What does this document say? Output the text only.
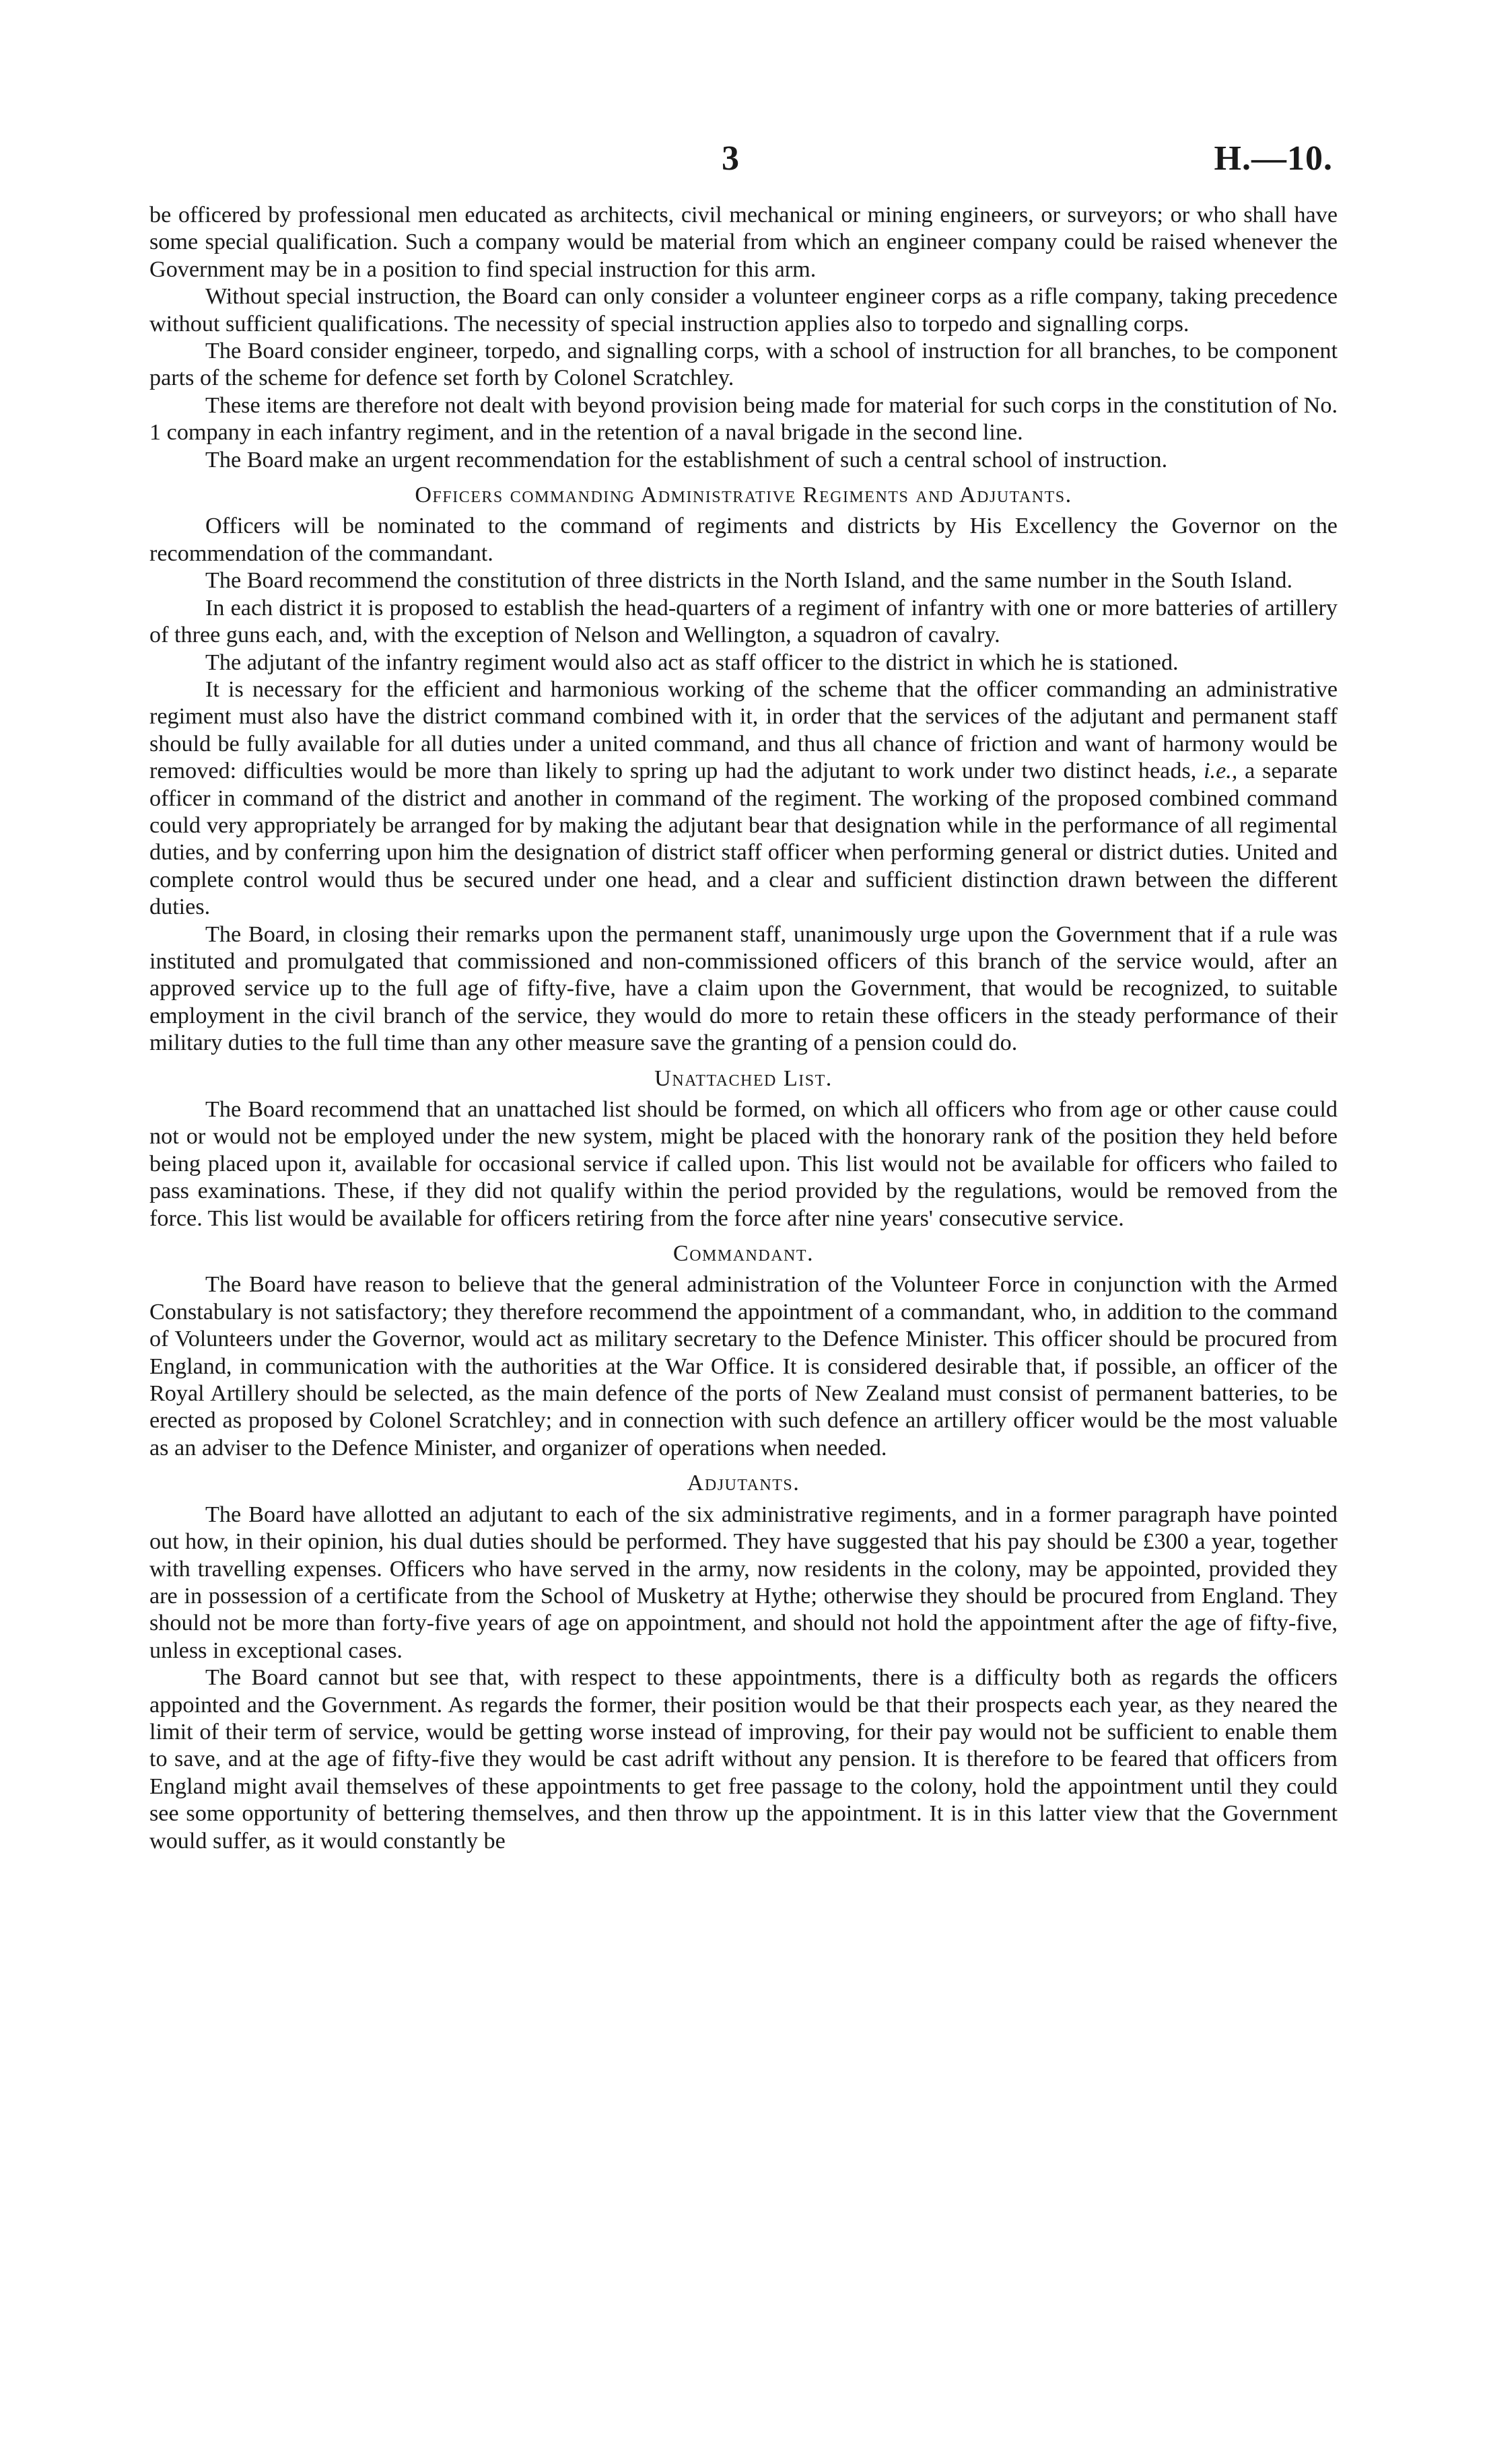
3	H.—10.

be officered by professional men educated as architects, civil mechanical or mining engineers, or surveyors; or who shall have some special qualification. Such a company would be material from which an engineer company could be raised whenever the Government may be in a position to find special instruction for this arm.

Without special instruction, the Board can only consider a volunteer engineer corps as a rifle company, taking precedence without sufficient qualifications. The necessity of special instruction applies also to torpedo and signalling corps.

The Board consider engineer, torpedo, and signalling corps, with a school of instruction for all branches, to be component parts of the scheme for defence set forth by Colonel Scratchley.

These items are therefore not dealt with beyond provision being made for material for such corps in the constitution of No. 1 company in each infantry regiment, and in the retention of a naval brigade in the second line.

The Board make an urgent recommendation for the establishment of such a central school of instruction.

Officers commanding Administrative Regiments and Adjutants.

Officers will be nominated to the command of regiments and districts by His Excellency the Governor on the recommendation of the commandant.

The Board recommend the constitution of three districts in the North Island, and the same number in the South Island.

In each district it is proposed to establish the head-quarters of a regiment of infantry with one or more batteries of artillery of three guns each, and, with the exception of Nelson and Wellington, a squadron of cavalry.

The adjutant of the infantry regiment would also act as staff officer to the district in which he is stationed.

It is necessary for the efficient and harmonious working of the scheme that the officer commanding an administrative regiment must also have the district command combined with it, in order that the services of the adjutant and permanent staff should be fully available for all duties under a united command, and thus all chance of friction and want of harmony would be removed: difficulties would be more than likely to spring up had the adjutant to work under two distinct heads, i.e., a separate officer in command of the district and another in command of the regiment. The working of the proposed combined command could very appropriately be arranged for by making the adjutant bear that designation while in the performance of all regimental duties, and by conferring upon him the designation of district staff officer when performing general or district duties. United and complete control would thus be secured under one head, and a clear and sufficient distinction drawn between the different duties.

The Board, in closing their remarks upon the permanent staff, unanimously urge upon the Government that if a rule was instituted and promulgated that commissioned and non-commissioned officers of this branch of the service would, after an approved service up to the full age of fifty-five, have a claim upon the Government, that would be recognized, to suitable employment in the civil branch of the service, they would do more to retain these officers in the steady performance of their military duties to the full time than any other measure save the granting of a pension could do.

Unattached List.

The Board recommend that an unattached list should be formed, on which all officers who from age or other cause could not or would not be employed under the new system, might be placed with the honorary rank of the position they held before being placed upon it, available for occasional service if called upon. This list would not be available for officers who failed to pass examinations. These, if they did not qualify within the period provided by the regulations, would be removed from the force. This list would be available for officers retiring from the force after nine years' consecutive service.

Commandant.

The Board have reason to believe that the general administration of the Volunteer Force in conjunction with the Armed Constabulary is not satisfactory; they therefore recommend the appointment of a commandant, who, in addition to the command of Volunteers under the Governor, would act as military secretary to the Defence Minister. This officer should be procured from England, in communication with the authorities at the War Office. It is considered desirable that, if possible, an officer of the Royal Artillery should be selected, as the main defence of the ports of New Zealand must consist of permanent batteries, to be erected as proposed by Colonel Scratchley; and in connection with such defence an artillery officer would be the most valuable as an adviser to the Defence Minister, and organizer of operations when needed.

Adjutants.

The Board have allotted an adjutant to each of the six administrative regiments, and in a former paragraph have pointed out how, in their opinion, his dual duties should be performed. They have suggested that his pay should be £300 a year, together with travelling expenses. Officers who have served in the army, now residents in the colony, may be appointed, provided they are in possession of a certificate from the School of Musketry at Hythe; otherwise they should be procured from England. They should not be more than forty-five years of age on appointment, and should not hold the appointment after the age of fifty-five, unless in exceptional cases.

The Board cannot but see that, with respect to these appointments, there is a difficulty both as regards the officers appointed and the Government. As regards the former, their position would be that their prospects each year, as they neared the limit of their term of service, would be getting worse instead of improving, for their pay would not be sufficient to enable them to save, and at the age of fifty-five they would be cast adrift without any pension. It is therefore to be feared that officers from England might avail themselves of these appointments to get free passage to the colony, hold the appointment until they could see some opportunity of bettering themselves, and then throw up the appointment. It is in this latter view that the Government would suffer, as it would constantly be
